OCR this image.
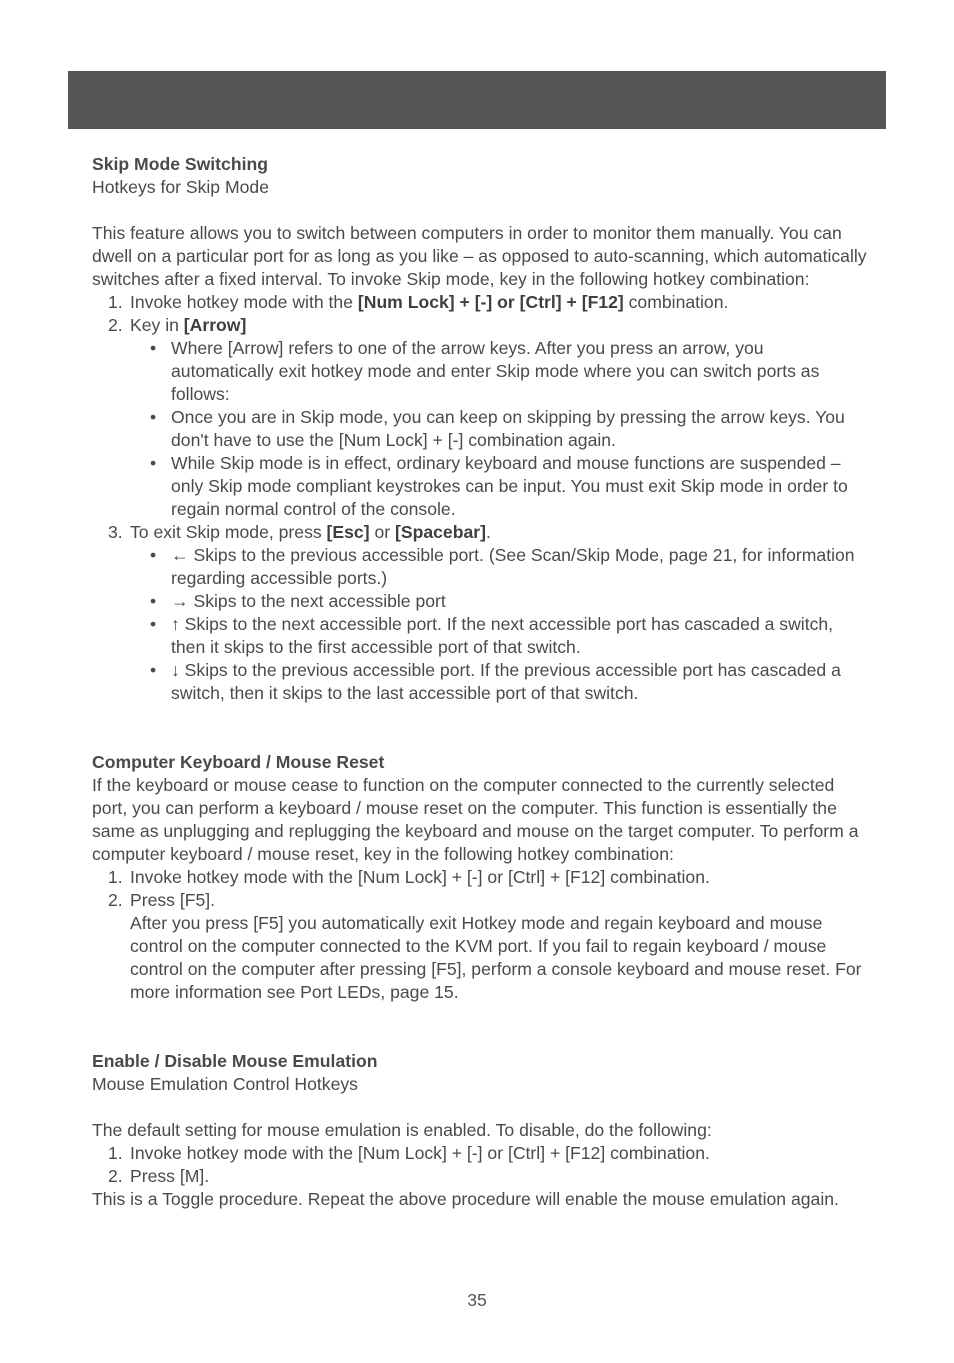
Skip Mode Switching

Hotkeys for Skip Mode

This feature allows you to switch between computers in order to monitor them manually. You can dwell on a particular port for as long as you like – as opposed to auto-scanning, which automatically switches after a fixed interval. To invoke Skip mode, key in the following hotkey combination:

1. Invoke hotkey mode with the [Num Lock] + [-] or [Ctrl] + [F12] combination.
2. Key in [Arrow]
• Where [Arrow] refers to one of the arrow keys. After you press an arrow, you automatically exit hotkey mode and enter Skip mode where you can switch ports as follows:
• Once you are in Skip mode, you can keep on skipping by pressing the arrow keys. You don't have to use the [Num Lock] + [-] combination again.
• While Skip mode is in effect, ordinary keyboard and mouse functions are suspended – only Skip mode compliant keystrokes can be input. You must exit Skip mode in order to regain normal control of the console.
3. To exit Skip mode, press [Esc] or [Spacebar].
• ← Skips to the previous accessible port. (See Scan/Skip Mode, page 21, for information regarding accessible ports.)
• → Skips to the next accessible port
• ↑ Skips to the next accessible port. If the next accessible port has cascaded a switch, then it skips to the first accessible port of that switch.
• ↓ Skips to the previous accessible port. If the previous accessible port has cascaded a switch, then it skips to the last accessible port of that switch.

Computer Keyboard / Mouse Reset

If the keyboard or mouse cease to function on the computer connected to the currently selected port, you can perform a keyboard / mouse reset on the computer. This function is essentially the same as unplugging and replugging the keyboard and mouse on the target computer. To perform a computer keyboard / mouse reset, key in the following hotkey combination:

1. Invoke hotkey mode with the [Num Lock] + [-] or [Ctrl] + [F12] combination.
2. Press [F5].

After you press [F5] you automatically exit Hotkey mode and regain keyboard and mouse control on the computer connected to the KVM port. If you fail to regain keyboard / mouse control on the computer after pressing [F5], perform a console keyboard and mouse reset. For more information see Port LEDs, page 15.

Enable / Disable Mouse Emulation

Mouse Emulation Control Hotkeys

The default setting for mouse emulation is enabled. To disable, do the following:

1. Invoke hotkey mode with the [Num Lock] + [-] or [Ctrl] + [F12] combination.
2. Press [M].

This is a Toggle procedure. Repeat the above procedure will enable the mouse emulation again.

35
